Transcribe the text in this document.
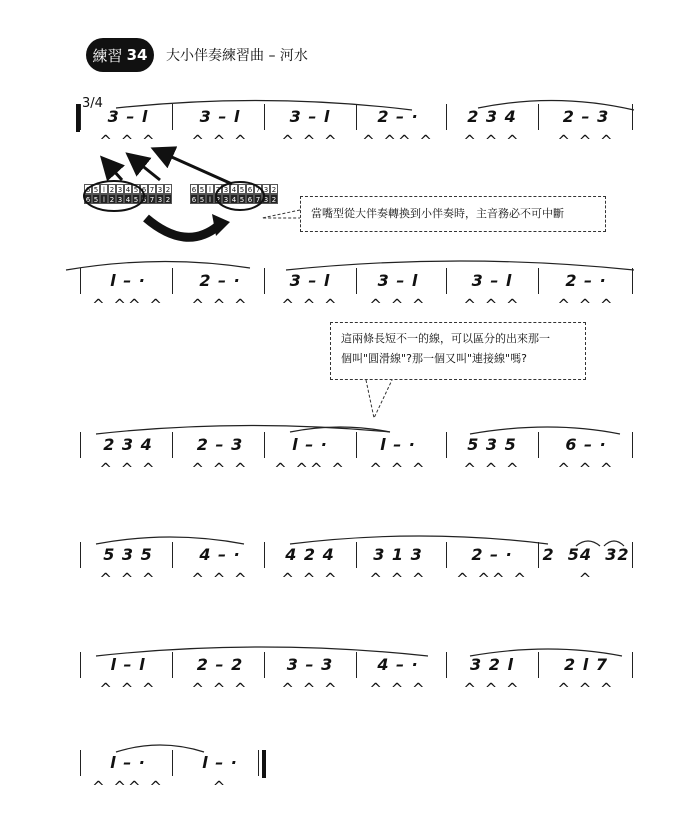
練習 34 大小伴奏練習曲 – 河水
3/4
3 – l
^ ^ ^
3 – l
^ ^ ^
3 – l
^ ^ ^
2 – ·
^ ^^ ^
2 3 4
^ ^ ^
2 – 3
^ ^ ^
l – ·
^ ^^ ^
2 – ·
^ ^ ^
3 – l
^ ^ ^
3 – l
^ ^ ^
3 – l
^ ^ ^
2 – ·
^ ^ ^
2 3 4
^ ^ ^
2 – 3
^ ^ ^
l – ·
^ ^^ ^
l – ·
^ ^ ^
5 3 5
^ ^ ^
6 – ·
^ ^ ^
5 3 5
^ ^ ^
4 – ·
^ ^ ^
4 2 4
^ ^ ^
3 1 3
^ ^ ^
2 – ·
^ ^^ ^
2  54  32
^
l – l
^ ^ ^
2 – 2
^ ^ ^
3 – 3
^ ^ ^
4 – ·
^ ^ ^
3 2 l
^ ^ ^
2 l 7
^ ^ ^
l – ·
^ ^^ ^
l – ·
^
6 5 l 2 3 4 5 6 7 3 2
6 5 l 2 3 4 5 6 7 3 2
6 5 l 2 3 4 5 6 7 3 2
6 5 l 2 3 4 5 6 7 3 2
當嘴型從大伴奏轉換到小伴奏時，主音務必不可中斷
這兩條長短不一的線，可以區分的出來那一
個叫"圓滑線"?那一個又叫"連接線"嗎?
